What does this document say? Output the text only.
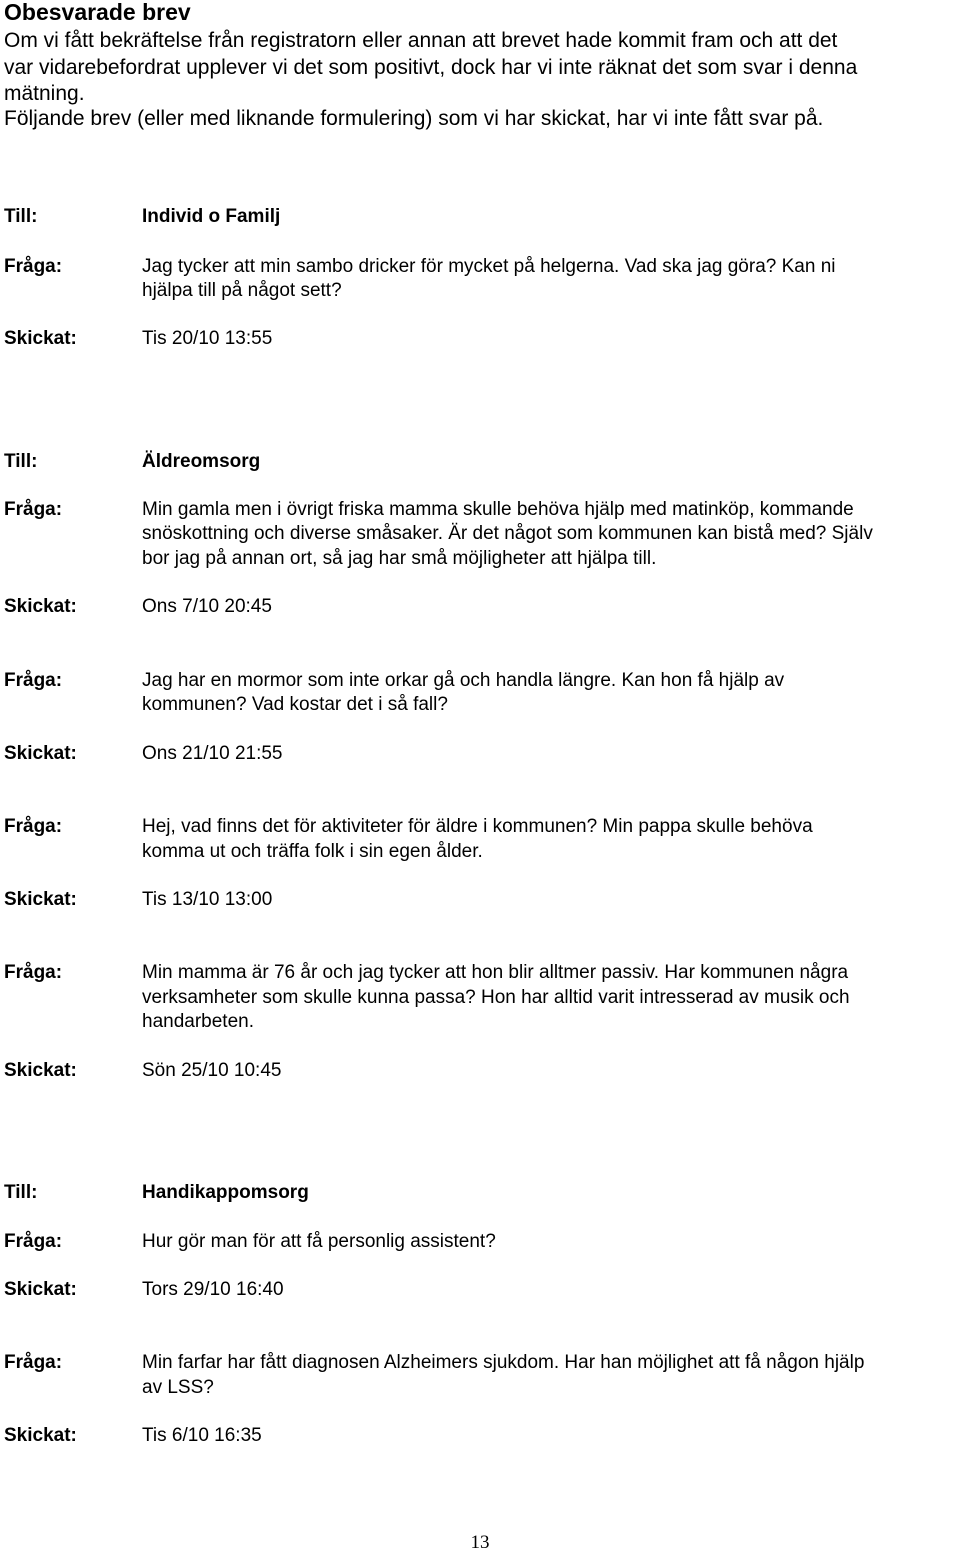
Obesvarade brev
Om vi fått bekräftelse från registratorn eller annan att brevet hade kommit fram och att det
var vidarebefordrat upplever vi det som positivt, dock har vi inte räknat det som svar i denna
mätning.
Följande brev (eller med liknande formulering) som vi har skickat, har vi inte fått svar på.
Till:	Individ o Familj
Fråga:	Jag tycker att min sambo dricker för mycket på helgerna. Vad ska jag göra? Kan ni
hjälpa till på något sett?
Skickat:	Tis 20/10 13:55
Till:	Äldreomsorg
Fråga:	Min gamla men i övrigt friska mamma skulle behöva hjälp med matinköp, kommande
snöskottning och diverse småsaker. Är det något som kommunen kan bistå med? Själv
bor jag på annan ort, så jag har små möjligheter att hjälpa till.
Skickat:	Ons 7/10 20:45
Fråga:	Jag har en mormor som inte orkar gå och handla längre. Kan hon få hjälp av
kommunen? Vad kostar det i så fall?
Skickat:	Ons 21/10 21:55
Fråga:	Hej, vad finns det för aktiviteter för äldre i kommunen? Min pappa skulle behöva
komma ut och träffa folk i sin egen ålder.
Skickat:	Tis 13/10 13:00
Fråga:	Min mamma är 76 år och jag tycker att hon blir alltmer passiv. Har kommunen några
verksamheter som skulle kunna passa? Hon har alltid varit intresserad av musik och
handarbeten.
Skickat:	Sön 25/10 10:45
Till:	Handikappomsorg
Fråga:	Hur gör man för att få personlig assistent?
Skickat:	Tors 29/10 16:40
Fråga:	Min farfar har fått diagnosen Alzheimers sjukdom. Har han möjlighet att få någon hjälp
av LSS?
Skickat:	Tis 6/10 16:35
13
